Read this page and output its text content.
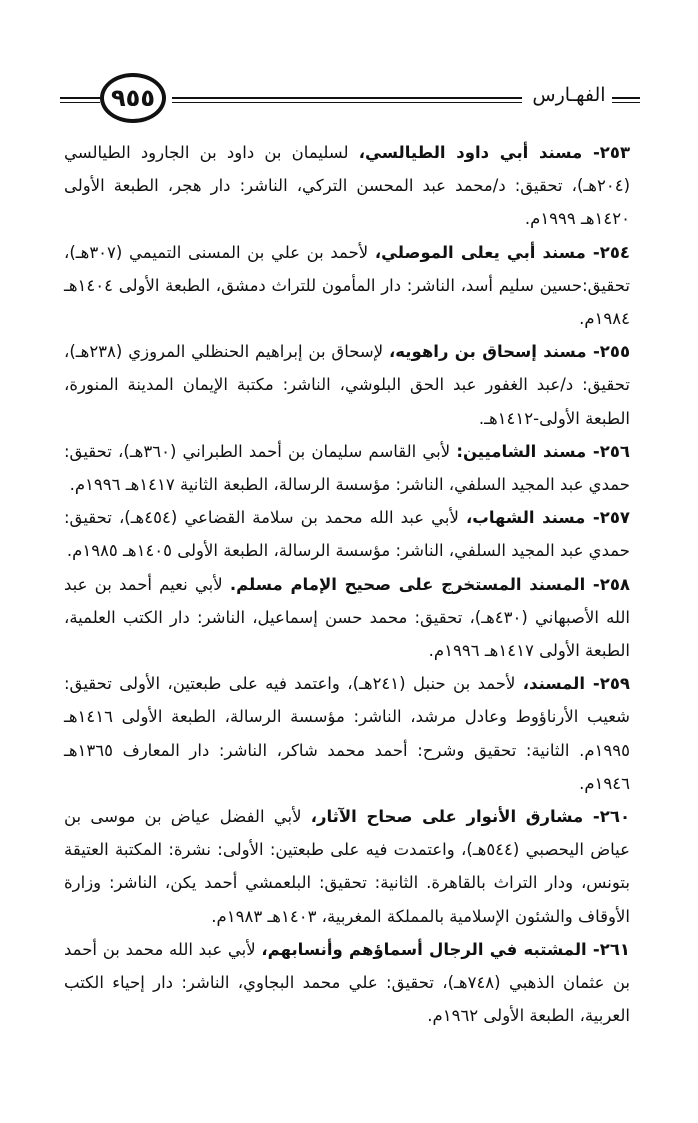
٩٥٥	الفهـارس

٢٥٣- مسند أبي داود الطيالسي، لسليمان بن داود بن الجارود الطيالسي (٢٠٤هـ)، تحقيق: د/محمد عبد المحسن التركي، الناشر: دار هجر، الطبعة الأولى ١٤٢٠هـ ١٩٩٩م.

٢٥٤- مسند أبي يعلى الموصلي، لأحمد بن علي بن المسنى التميمي (٣٠٧هـ)، تحقيق:حسين سليم أسد، الناشر: دار المأمون للتراث دمشق، الطبعة الأولى ١٤٠٤هـ ١٩٨٤م.

٢٥٥- مسند إسحاق بن راهويه، لإسحاق بن إبراهيم الحنظلي المروزي (٢٣٨هـ)، تحقيق: د/عبد الغفور عبد الحق البلوشي، الناشر: مكتبة الإيمان المدينة المنورة، الطبعة الأولى-١٤١٢هـ.

٢٥٦- مسند الشاميين: لأبي القاسم سليمان بن أحمد الطبراني (٣٦٠هـ)، تحقيق: حمدي عبد المجيد السلفي، الناشر: مؤسسة الرسالة، الطبعة الثانية ١٤١٧هـ ١٩٩٦م.

٢٥٧- مسند الشهاب، لأبي عبد الله محمد بن سلامة القضاعي (٤٥٤هـ)، تحقيق: حمدي عبد المجيد السلفي، الناشر: مؤسسة الرسالة، الطبعة الأولى ١٤٠٥هـ ١٩٨٥م.

٢٥٨- المسند المستخرج على صحيح الإمام مسلم. لأبي نعيم أحمد بن عبد الله الأصبهاني (٤٣٠هـ)، تحقيق: محمد حسن إسماعيل، الناشر: دار الكتب العلمية، الطبعة الأولى ١٤١٧هـ ١٩٩٦م.

٢٥٩- المسند، لأحمد بن حنبل (٢٤١هـ)، واعتمد فيه على طبعتين، الأولى تحقيق: شعيب الأرناؤوط وعادل مرشد، الناشر: مؤسسة الرسالة، الطبعة الأولى ١٤١٦هـ ١٩٩٥م. الثانية: تحقيق وشرح: أحمد محمد شاكر، الناشر: دار المعارف ١٣٦٥هـ ١٩٤٦م.

٢٦٠- مشارق الأنوار على صحاح الآثار، لأبي الفضل عياض بن موسى بن عياض اليحصبي (٥٤٤هـ)، واعتمدت فيه على طبعتين: الأولى: نشرة: المكتبة العتيقة بتونس، ودار التراث بالقاهرة. الثانية: تحقيق: البلعمشي أحمد يكن، الناشر: وزارة الأوقاف والشئون الإسلامية بالمملكة المغربية، ١٤٠٣هـ ١٩٨٣م.

٢٦١- المشتبه في الرجال أسماؤهم وأنسابهم، لأبي عبد الله محمد بن أحمد بن عثمان الذهبي (٧٤٨هـ)، تحقيق: علي محمد البجاوي، الناشر: دار إحياء الكتب العربية، الطبعة الأولى ١٩٦٢م.
